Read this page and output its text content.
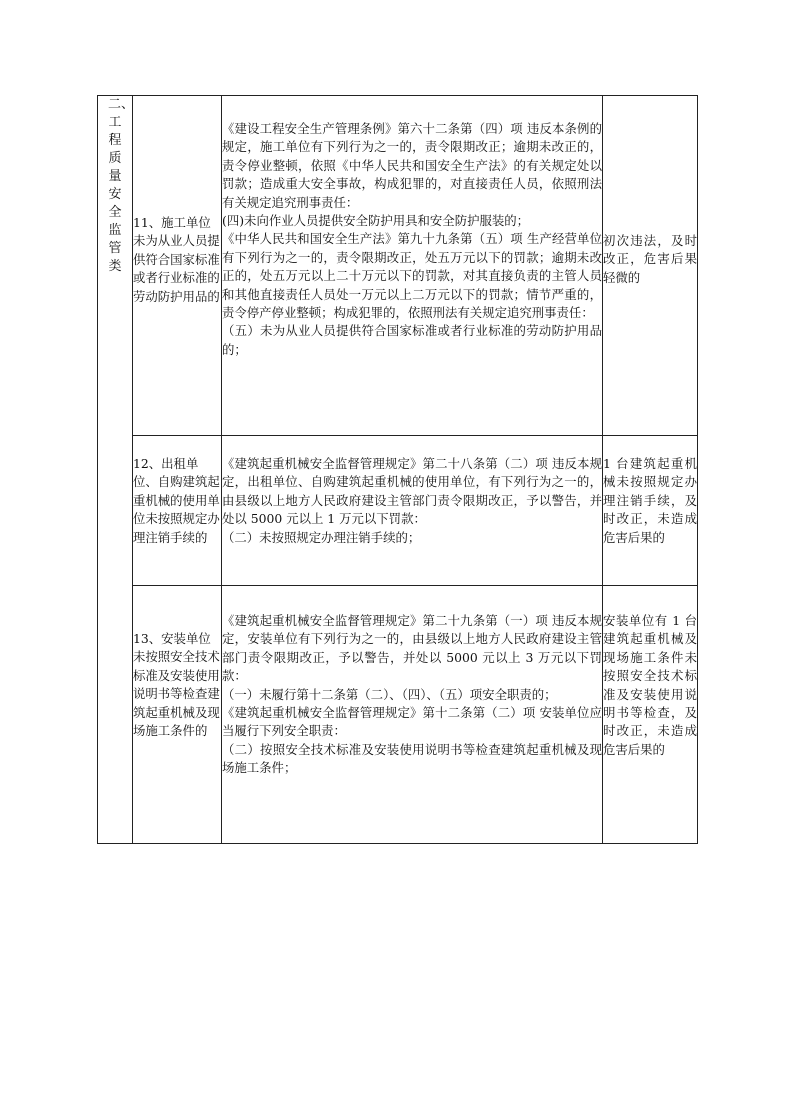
二、工程质量安全监管类	11、施工单位未为从业人员提供符合国家标准或者行业标准的劳动防护用品的	《建设工程安全生产管理条例》第六十二条第（四）项 违反本条例的规定，施工单位有下列行为之一的，责令限期改正；逾期未改正的，责令停业整顿，依照《中华人民共和国安全生产法》的有关规定处以罚款；造成重大安全事故，构成犯罪的，对直接责任人员，依照刑法有关规定追究刑事责任：

(四)未向作业人员提供安全防护用具和安全防护服装的；

《中华人民共和国安全生产法》第九十九条第（五）项 生产经营单位有下列行为之一的，责令限期改正，处五万元以下的罚款；逾期未改正的，处五万元以上二十万元以下的罚款，对其直接负责的主管人员和其他直接责任人员处一万元以上二万元以下的罚款；情节严重的，责令停产停业整顿；构成犯罪的，依照刑法有关规定追究刑事责任：

（五）未为从业人员提供符合国家标准或者行业标准的劳动防护用品的；	初次违法，及时改正，危害后果轻微的
	12、出租单位、自购建筑起重机械的使用单位未按照规定办理注销手续的	《建筑起重机械安全监督管理规定》第二十八条第（二）项 违反本规定，出租单位、自购建筑起重机械的使用单位，有下列行为之一的，由县级以上地方人民政府建设主管部门责令限期改正，予以警告，并处以 5000 元以上 1 万元以下罚款：

（二）未按照规定办理注销手续的；	1 台建筑起重机械未按照规定办理注销手续，及时改正，未造成危害后果的
	13、安装单位未按照安全技术标准及安装使用说明书等检查建筑起重机械及现场施工条件的	《建筑起重机械安全监督管理规定》第二十九条第（一）项 违反本规定，安装单位有下列行为之一的，由县级以上地方人民政府建设主管部门责令限期改正，予以警告，并处以 5000 元以上 3 万元以下罚款：

（一）未履行第十二条第（二）、（四）、（五）项安全职责的；

《建筑起重机械安全监督管理规定》第十二条第（二）项 安装单位应当履行下列安全职责：

（二）按照安全技术标准及安装使用说明书等检查建筑起重机械及现场施工条件；	安装单位有 1 台建筑起重机械及现场施工条件未按照安全技术标准及安装使用说明书等检查，及时改正，未造成危害后果的
